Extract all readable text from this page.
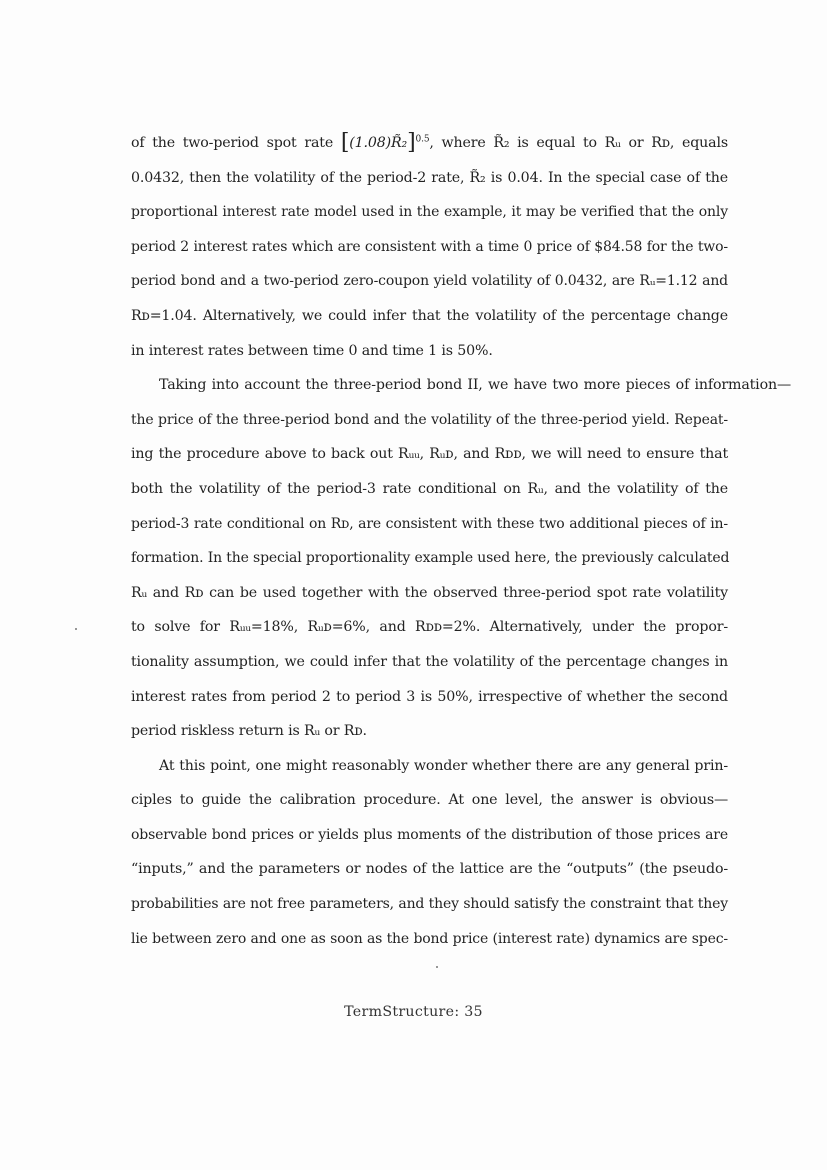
of the two-period spot rate [(1.08)R̃₂]$^{0.5}$, where R̃₂ is equal to Rᵤ or Rᴅ, equals
0.0432, then the volatility of the period-2 rate, R̃₂ is 0.04. In the special case of the
proportional interest rate model used in the example, it may be verified that the only
period 2 interest rates which are consistent with a time 0 price of $84.58 for the two-
period bond and a two-period zero-coupon yield volatility of 0.0432, are Rᵤ=1.12 and
Rᴅ=1.04. Alternatively, we could infer that the volatility of the percentage change
in interest rates between time 0 and time 1 is 50%.
Taking into account the three-period bond II, we have two more pieces of information—
the price of the three-period bond and the volatility of the three-period yield. Repeat-
ing the procedure above to back out Rᵤᵤ, Rᵤᴅ, and Rᴅᴅ, we will need to ensure that
both the volatility of the period-3 rate conditional on Rᵤ, and the volatility of the
period-3 rate conditional on Rᴅ, are consistent with these two additional pieces of in-
formation. In the special proportionality example used here, the previously calculated
Rᵤ and Rᴅ can be used together with the observed three-period spot rate volatility
to solve for Rᵤᵤ=18%, Rᵤᴅ=6%, and Rᴅᴅ=2%. Alternatively, under the propor-
tionality assumption, we could infer that the volatility of the percentage changes in
interest rates from period 2 to period 3 is 50%, irrespective of whether the second
period riskless return is Rᵤ or Rᴅ.
At this point, one might reasonably wonder whether there are any general prin-
ciples to guide the calibration procedure. At one level, the answer is obvious—
observable bond prices or yields plus moments of the distribution of those prices are
“inputs,” and the parameters or nodes of the lattice are the “outputs” (the pseudo-
probabilities are not free parameters, and they should satisfy the constraint that they
lie between zero and one as soon as the bond price (interest rate) dynamics are spec-
TermStructure: 35
